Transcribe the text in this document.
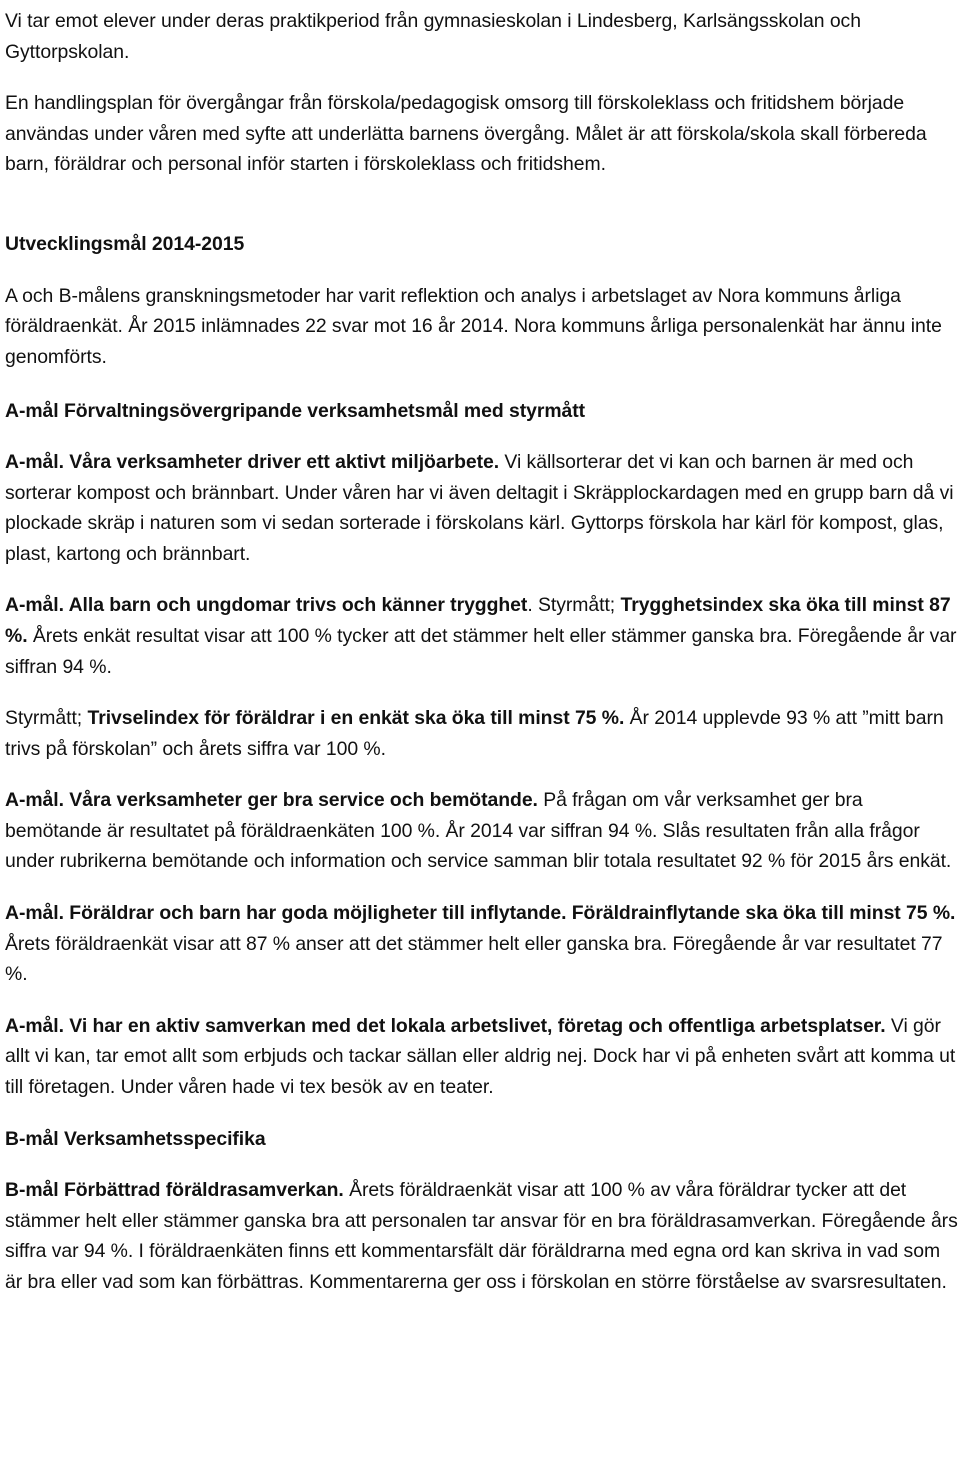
Vi tar emot elever under deras praktikperiod från gymnasieskolan i Lindesberg, Karlsängsskolan och Gyttorpskolan.

En handlingsplan för övergångar från förskola/pedagogisk omsorg till förskoleklass och fritidshem började användas under våren med syfte att underlätta barnens övergång. Målet är att förskola/skola skall förbereda barn, föräldrar och personal inför starten i förskoleklass och fritidshem.

Utvecklingsmål 2014-2015

A och B-målens granskningsmetoder har varit reflektion och analys i arbetslaget av Nora kommuns årliga föräldraenkät. År 2015 inlämnades 22 svar mot 16 år 2014. Nora kommuns årliga personalenkät har ännu inte genomförts.

A-mål Förvaltningsövergripande verksamhetsmål med styrmått

A-mål. Våra verksamheter driver ett aktivt miljöarbete. Vi källsorterar det vi kan och barnen är med och sorterar kompost och brännbart. Under våren har vi även deltagit i Skräpplockardagen med en grupp barn då vi plockade skräp i naturen som vi sedan sorterade i förskolans kärl. Gyttorps förskola har kärl för kompost, glas, plast, kartong och brännbart.

A-mål. Alla barn och ungdomar trivs och känner trygghet. Styrmått; Trygghetsindex ska öka till minst 87 %. Årets enkät resultat visar att 100 % tycker att det stämmer helt eller stämmer ganska bra. Föregående år var siffran 94 %.

Styrmått; Trivselindex för föräldrar i en enkät ska öka till minst 75 %. År 2014 upplevde 93 % att ”mitt barn trivs på förskolan” och årets siffra var 100 %.

A-mål. Våra verksamheter ger bra service och bemötande. På frågan om vår verksamhet ger bra bemötande är resultatet på föräldraenkäten 100 %. År 2014 var siffran 94 %. Slås resultaten från alla frågor under rubrikerna bemötande och information och service samman blir totala resultatet 92 % för 2015 års enkät.

A-mål. Föräldrar och barn har goda möjligheter till inflytande. Föräldrainflytande ska öka till minst 75 %. Årets föräldraenkät visar att 87 % anser att det stämmer helt eller ganska bra. Föregående år var resultatet 77 %.

A-mål. Vi har en aktiv samverkan med det lokala arbetslivet, företag och offentliga arbetsplatser. Vi gör allt vi kan, tar emot allt som erbjuds och tackar sällan eller aldrig nej. Dock har vi på enheten svårt att komma ut till företagen. Under våren hade vi tex besök av en teater.

B-mål Verksamhetsspecifika

B-mål Förbättrad föräldrasamverkan. Årets föräldraenkät visar att 100 % av våra föräldrar tycker att det stämmer helt eller stämmer ganska bra att personalen tar ansvar för en bra föräldrasamverkan. Föregående års siffra var 94 %. I föräldraenkäten finns ett kommentarsfält där föräldrarna med egna ord kan skriva in vad som är bra eller vad som kan förbättras. Kommentarerna ger oss i förskolan en större förståelse av svarsresultaten.
